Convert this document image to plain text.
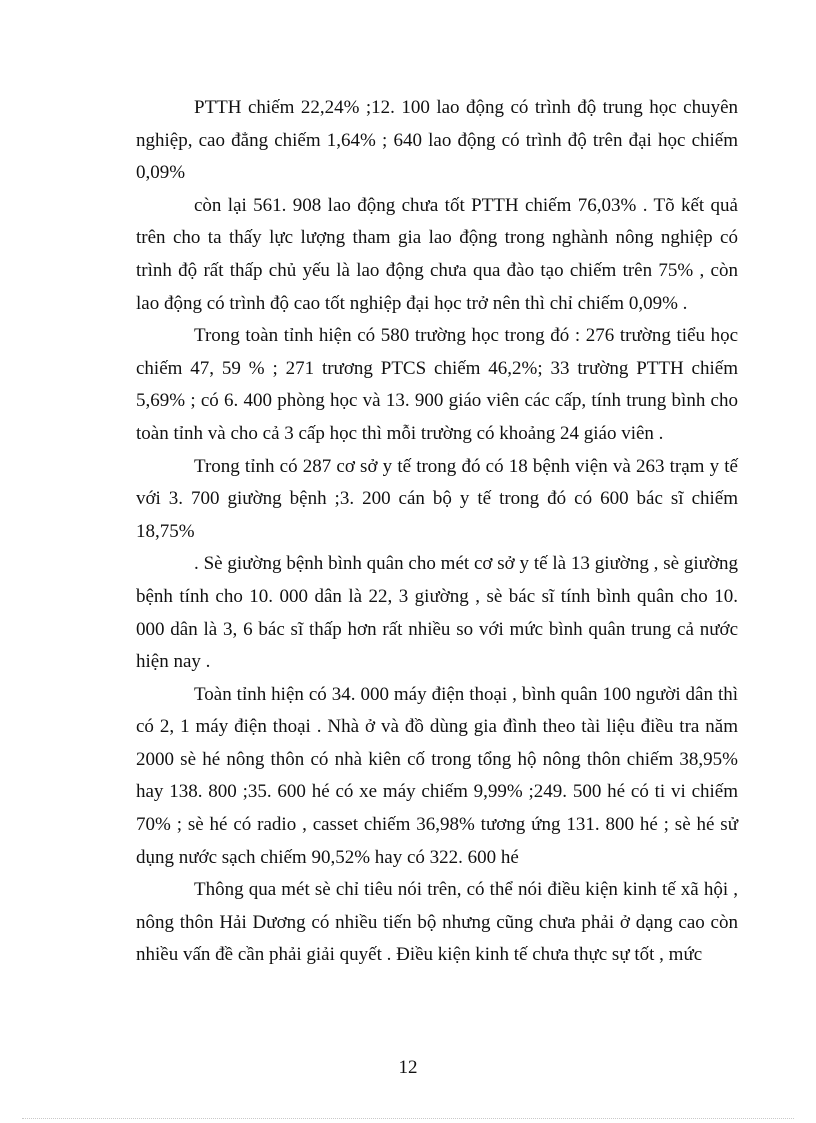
PTTH chiếm 22,24% ;12. 100 lao động có trình độ trung học chuyên nghiệp, cao đẳng chiếm 1,64% ; 640 lao động có trình độ trên đại học chiếm 0,09%

còn lại 561. 908 lao động chưa tốt PTTH chiếm 76,03% . Tõ kết quả trên cho ta thấy lực lượng tham gia lao động trong nghành nông nghiệp có trình độ rất thấp chủ yếu là lao động chưa qua đào tạo chiếm trên 75% , còn lao động có trình độ cao tốt nghiệp đại học trở nên thì chỉ chiếm 0,09% .

Trong toàn tỉnh hiện có 580 trường học trong đó : 276 trường tiểu học chiếm 47, 59 % ; 271 trương PTCS chiếm 46,2%; 33 trường PTTH chiếm 5,69% ; có 6. 400 phòng học và 13. 900 giáo viên các cấp, tính trung bình cho toàn tỉnh và cho cả 3 cấp học thì mỗi trường có khoảng 24 giáo viên .

Trong tỉnh có 287 cơ sở y tế trong đó có 18 bệnh viện và 263 trạm y tế với 3. 700 giường bệnh ;3. 200 cán bộ y tế trong đó có 600 bác sĩ chiếm 18,75%

. Sè giường bệnh bình quân cho mét cơ sở y tế là 13 giường , sè giường bệnh tính cho 10. 000 dân là 22, 3 giường , sè bác sĩ tính bình quân cho 10. 000 dân là 3, 6 bác sĩ thấp hơn rất nhiều so với mức bình quân trung cả nước hiện nay .

Toàn tỉnh hiện có 34. 000 máy điện thoại , bình quân 100 người dân thì có 2, 1 máy điện thoại . Nhà ở và đồ dùng gia đình theo tài liệu điều tra năm 2000 sè hé nông thôn có nhà kiên cố trong tổng hộ nông thôn chiếm 38,95% hay 138. 800 ;35. 600 hé có xe máy chiếm 9,99% ;249. 500 hé có ti vi chiếm 70% ; sè hé có radio , casset chiếm 36,98% tương ứng 131. 800 hé ; sè hé sử dụng nước sạch chiếm 90,52% hay có 322. 600 hé

Thông qua mét sè chỉ tiêu nói trên, có thể nói điều kiện kinh tế xã hội , nông thôn Hải Dương có nhiều tiến bộ nhưng cũng chưa phải ở dạng cao còn nhiều vấn đề cần phải giải quyết . Điều kiện kinh tế chưa thực sự tốt , mức

12
